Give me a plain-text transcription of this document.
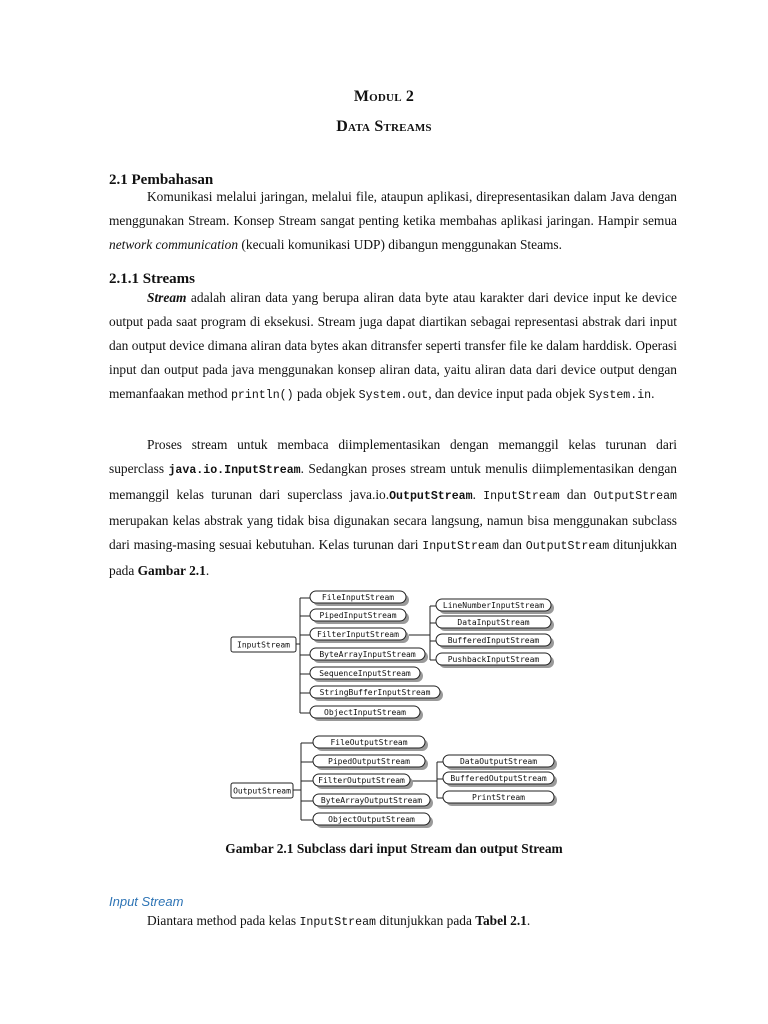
Modul 2
Data Streams
2.1 Pembahasan

Komunikasi melalui jaringan, melalui file, ataupun aplikasi, direpresentasikan dalam Java dengan menggunakan Stream. Konsep Stream sangat penting ketika membahas aplikasi jaringan. Hampir semua network communication (kecuali komunikasi UDP) dibangun menggunakan Steams.

2.1.1 Streams

Stream adalah aliran data yang berupa aliran data byte atau karakter dari device input ke device output pada saat program di eksekusi. Stream juga dapat diartikan sebagai representasi abstrak dari input dan output device dimana aliran data bytes akan ditransfer seperti transfer file ke dalam harddisk. Operasi input dan output pada java menggunakan konsep aliran data, yaitu aliran data dari device output dengan memanfaakan method println() pada objek System.out, dan device input pada objek System.in.

Proses stream untuk membaca diimplementasikan dengan memanggil kelas turunan dari superclass java.io.InputStream. Sedangkan proses stream untuk menulis diimplementasikan dengan memanggil kelas turunan dari superclass java.io.OutputStream. InputStream dan OutputStream merupakan kelas abstrak yang tidak bisa digunakan secara langsung, namun bisa menggunakan subclass dari masing-masing sesuai kebutuhan. Kelas turunan dari InputStream dan OutputStream ditunjukkan pada Gambar 2.1.

InputStream
OutputStream
FileInputStream
PipedInputStream
FilterInputStream
ByteArrayInputStream
SequenceInputStream
StringBufferInputStream
ObjectInputStream
LineNumberInputStream
DataInputStream
BufferedInputStream
PushbackInputStream
FileOutputStream
PipedOutputStream
FilterOutputStream
ByteArrayOutputStream
ObjectOutputStream
DataOutputStream
BufferedOutputStream
PrintStream
Gambar 2.1 Subclass dari input Stream dan output Stream
Input Stream

Diantara method pada kelas InputStream ditunjukkan pada Tabel 2.1.
